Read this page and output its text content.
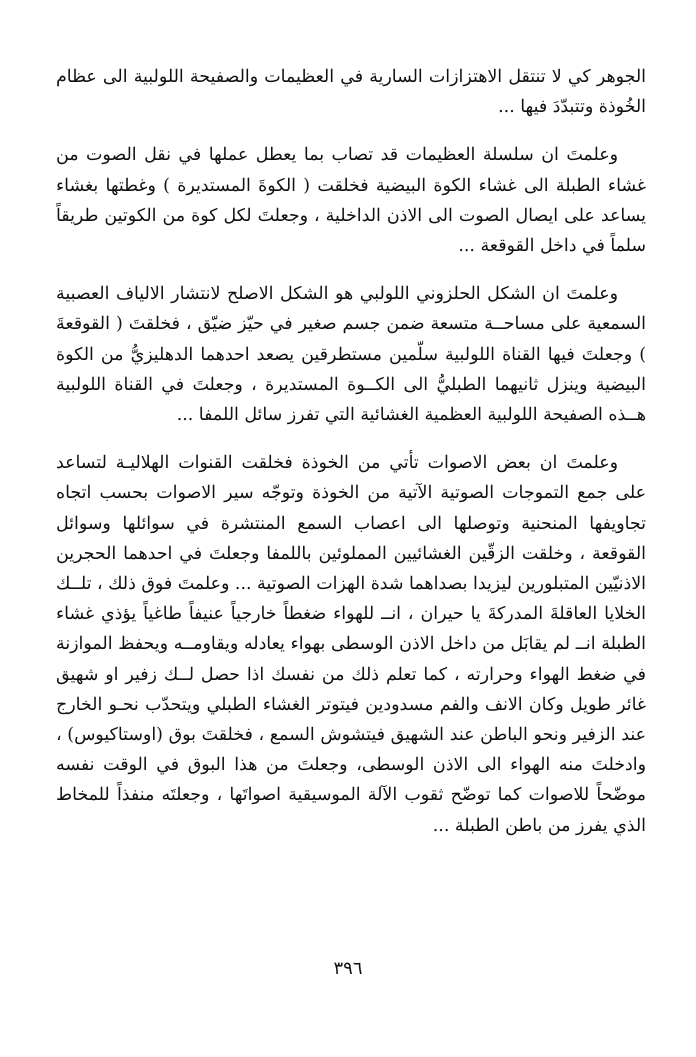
الجوهر كي لا تنتقل الاهتزازات السارية في العظيمات والصفيحة اللولبية الى عظام الخُوذة وتتبدّدَ فيها ...

وعلمتَ ان سلسلة العظيمات قد تصاب بما يعطل عملها في نقل الصوت من غشاء الطبلة الى غشاء الكوة البيضية فخلقت ( الكوةَ المستديرة ) وغطتها بغشاء يساعد على ايصال الصوت الى الاذن الداخلية ، وجعلتَ لكل كوة من الكوتين طريقاً سلماً في داخل القوقعة ...

وعلمتَ ان الشكل الحلزوني اللولبي هو الشكل الاصلح لانتشار الالياف العصبية السمعية على مساحــة متسعة ضمن جسم صغير في حيّز ضيّق ، فخلقتَ ( القوقعةَ ) وجعلتَ فيها القناة اللولبية سلّمين مستطرقين يصعد احدهما الدهليزيُّ من الكوة البيضية وينزل ثانيهما الطبليُّ الى الكــوة المستديرة ، وجعلتَ في القناة اللولبية هــذه الصفيحة اللولبية العظمية الغشائية التي تفرز سائل اللمفا ...

وعلمتَ ان بعض الاصوات تأتي من الخوذة فخلقت القنوات الهلاليـة لتساعد على جمع التموجات الصوتية الآتية من الخوذة وتوجّه سير الاصوات بحسب اتجاه تجاويفها المنحنية وتوصلها الى اعصاب السمع المنتشرة في سوائلها وسوائل القوقعة ، وخلقت الزقّين الغشائيين المملوئين باللمفا وجعلتَ في احدهما الحجرين الاذنيّين المتبلورين ليزيدا بصداهما شدة الهزات الصوتية ... وعلمتَ فوق ذلك ، تلــك الخلايا العاقلةَ المدركةَ يا حيران ، انــ للهواء ضغطاً خارجياً عنيفاً طاغياً يؤذي غشاء الطبلة انــ لم يقابَل من داخل الاذن الوسطى بهواء يعادله ويقاومــه ويحفظ الموازنة في ضغط الهواء وحرارته ، كما تعلم ذلك من نفسك اذا حصل لــك زفير او شهيق غائر طويل وكان الانف والفم مسدودين فيتوتر الغشاء الطبلي ويتحدّب نحـو الخارج عند الزفير ونحو الباطن عند الشهيق فيتشوش السمع ، فخلقتَ بوق (اوستاكيوس) ، وادخلتَ منه الهواء الى الاذن الوسطى، وجعلتَ من هذا البوق في الوقت نفسه موضّحاً للاصوات كما توضّح ثقوب الآلة الموسيقية اصواتَها ، وجعلتَه منفذاً للمخاط الذي يفرز من باطن الطبلة ...

٣٩٦
